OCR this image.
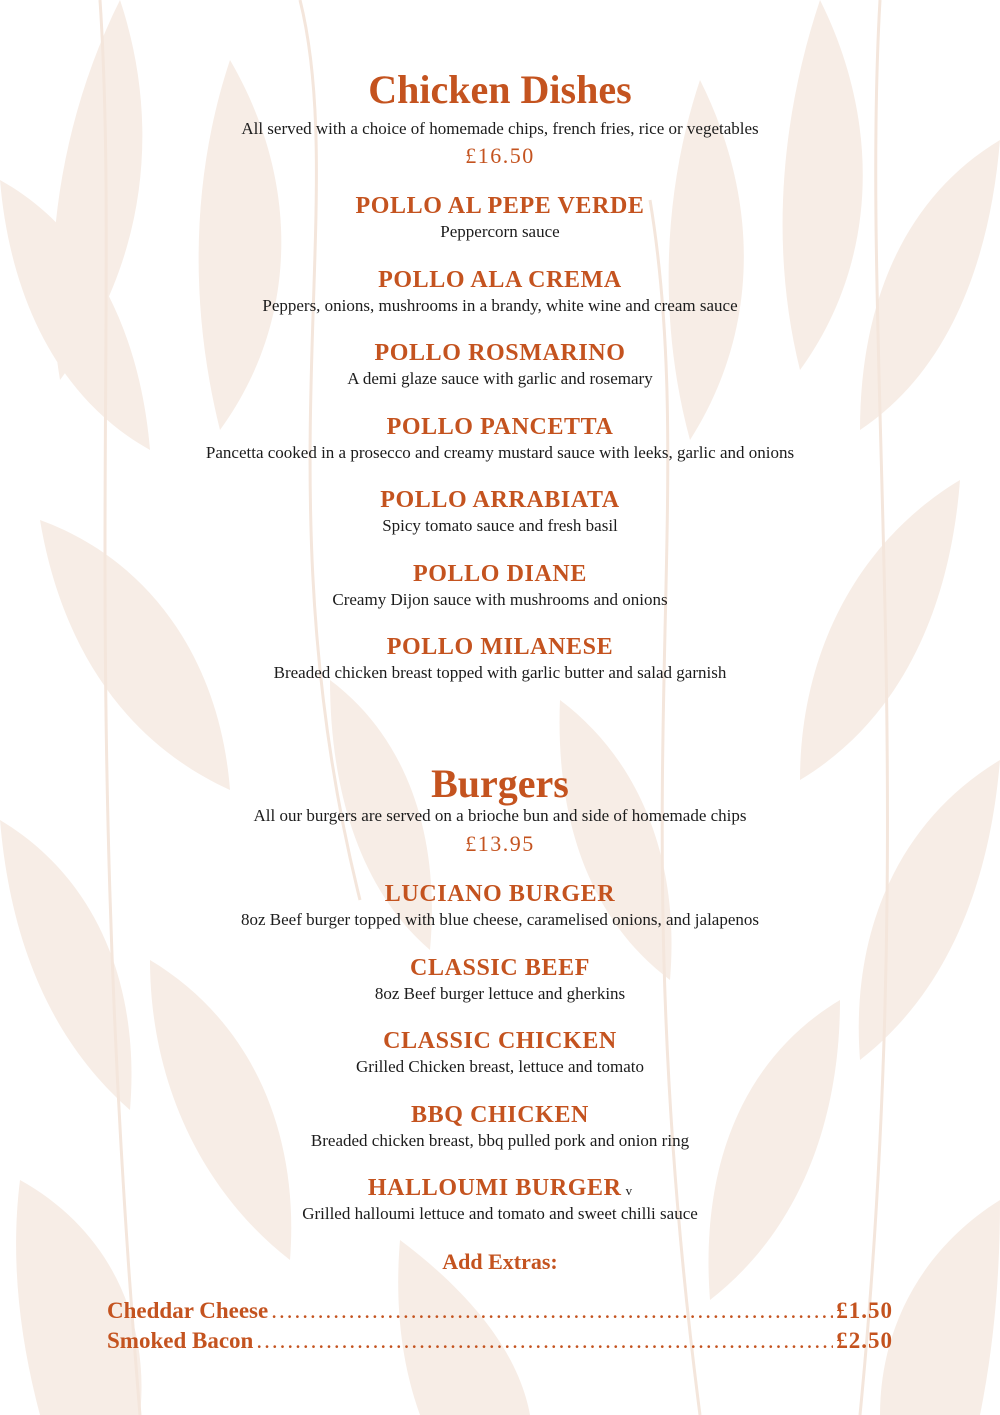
Chicken Dishes

All served with a choice of homemade chips, french fries, rice or vegetables

£16.50

POLLO AL PEPE VERDE

Peppercorn sauce

POLLO ALA CREMA

Peppers, onions, mushrooms in a brandy, white wine and cream sauce

POLLO ROSMARINO

A demi glaze sauce with garlic and rosemary

POLLO PANCETTA

Pancetta cooked in a prosecco and creamy mustard sauce with leeks, garlic and onions

POLLO ARRABIATA

Spicy tomato sauce and fresh basil

POLLO DIANE

Creamy Dijon sauce with mushrooms and onions

POLLO MILANESE

Breaded chicken breast topped with garlic butter and salad garnish

Burgers

All our burgers are served on a brioche bun and side of homemade chips

£13.95

LUCIANO BURGER

8oz Beef burger topped with blue cheese, caramelised onions, and jalapenos

CLASSIC BEEF

8oz Beef burger lettuce and gherkins

CLASSIC CHICKEN

Grilled Chicken breast, lettuce and tomato

BBQ CHICKEN

Breaded chicken breast, bbq pulled pork and onion ring

HALLOUMI BURGER v

Grilled halloumi lettuce and tomato and sweet chilli sauce

Add Extras:

Cheddar Cheese .....	£1.50
Smoked Bacon .....	£2.50
